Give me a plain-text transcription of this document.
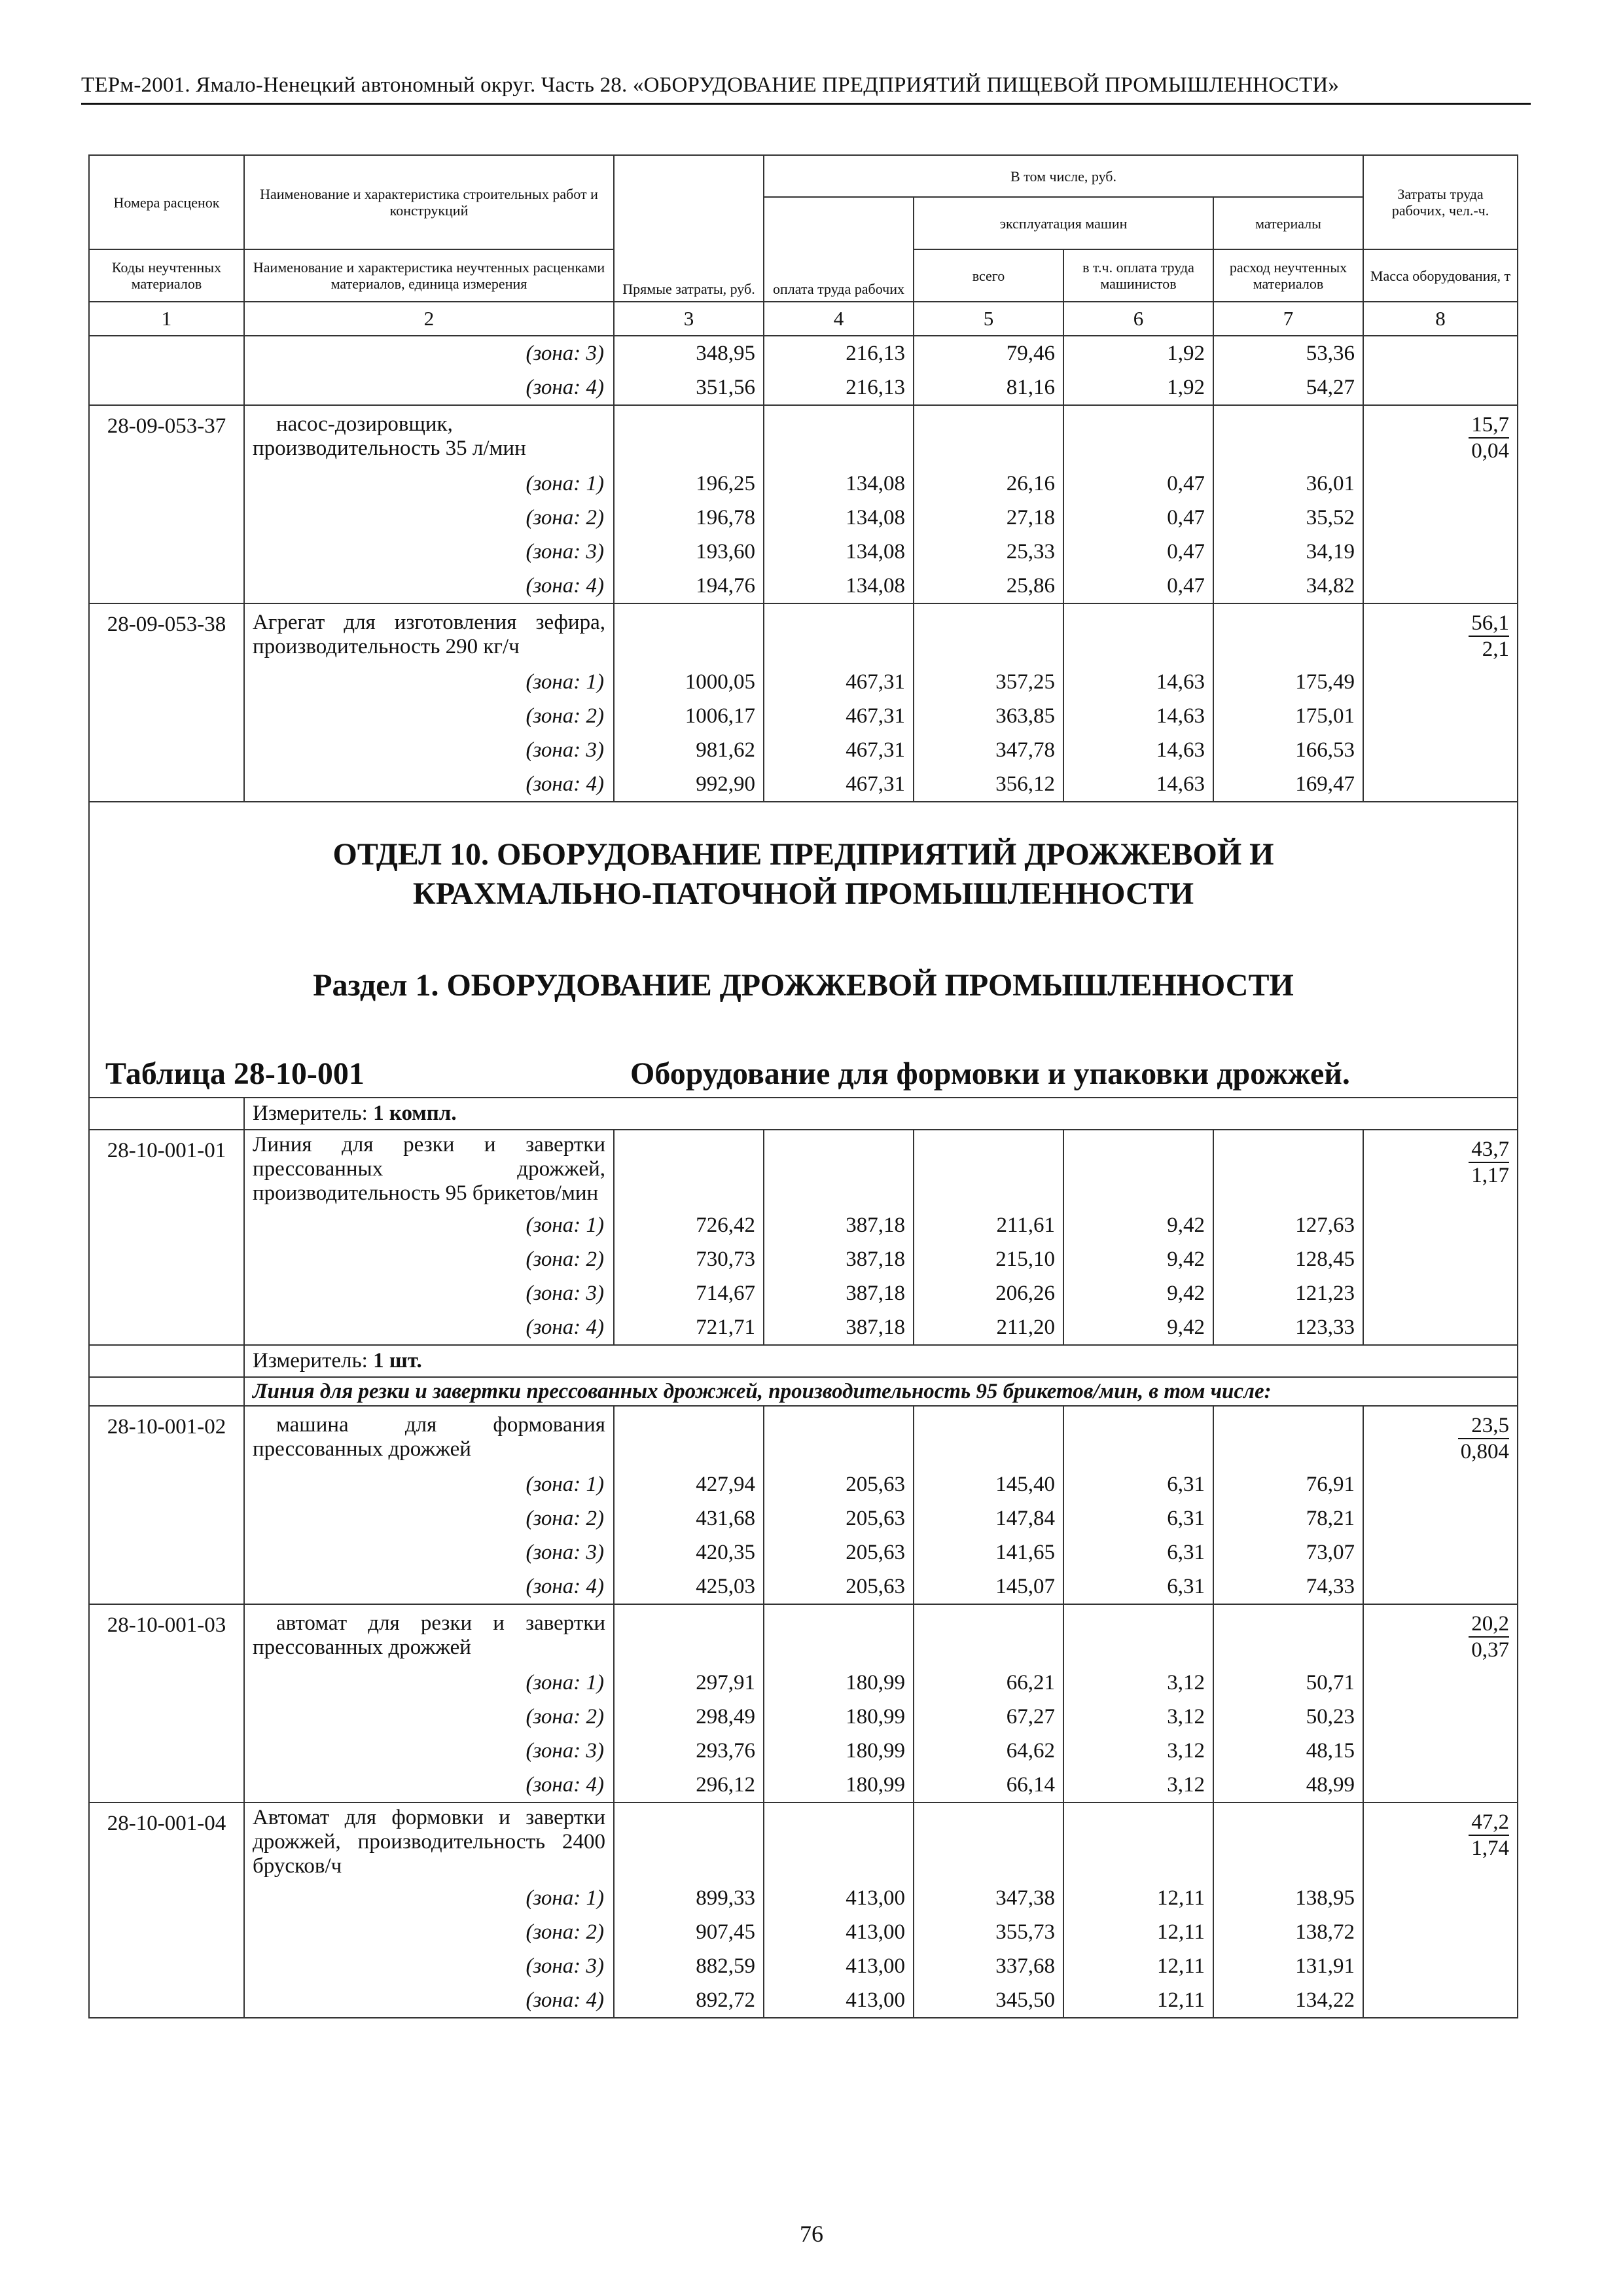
ТЕРм-2001. Ямало-Ненецкий автономный округ. Часть 28. «ОБОРУДОВАНИЕ ПРЕДПРИЯТИЙ ПИЩЕВОЙ ПРОМЫШЛЕННОСТИ»
Номера расценок	Наименование и характеристика строительных работ и конструкций	Прямые затраты, руб.	В том числе, руб.				Затраты труда рабочих, чел.-ч.
			оплата труда рабочих	эксплуатация машин		материалы	
Коды неучтенных материалов	Наименование и характеристика неучтенных расценками материалов, единица измерения			всего	в т.ч. оплата труда машинистов	расход неучтенных материалов	Масса оборудования, т
1	2	3	4	5	6	7	8
	(зона: 3)	348,95	216,13	79,46	1,92	53,36	
	(зона: 4)	351,56	216,13	81,16	1,92	54,27	
28-09-053-37	насос-дозировщик, производительность 35 л/мин						$\frac{15,7}{0,04}$

	(зона: 1)	196,25	134,08	26,16	0,47	36,01	
	(зона: 2)	196,78	134,08	27,18	0,47	35,52	
	(зона: 3)	193,60	134,08	25,33	0,47	34,19	
	(зона: 4)	194,76	134,08	25,86	0,47	34,82	
28-09-053-38	Агрегат для изготовления зефира, производительность 290 кг/ч						$\frac{56,1}{2,1}$

	(зона: 1)	1000,05	467,31	357,25	14,63	175,49	
	(зона: 2)	1006,17	467,31	363,85	14,63	175,01	
	(зона: 3)	981,62	467,31	347,78	14,63	166,53	
	(зона: 4)	992,90	467,31	356,12	14,63	169,47	

ОТДЕЛ 10. ОБОРУДОВАНИЕ ПРЕДПРИЯТИЙ ДРОЖЖЕВОЙ И КРАХМАЛЬНО-ПАТОЧНОЙ ПРОМЫШЛЕННОСТИ
Раздел 1. ОБОРУДОВАНИЕ ДРОЖЖЕВОЙ ПРОМЫШЛЕННОСТИ
Таблица 28-10-001 Оборудование для формовки и упаковки дрожжей.							

	Измеритель: 1 компл.						
28-10-001-01	Линия для резки и завертки прессованных дрожжей, производительность 95 брикетов/мин						$\frac{43,7}{1,17}$

	(зона: 1)	726,42	387,18	211,61	9,42	127,63	
	(зона: 2)	730,73	387,18	215,10	9,42	128,45	
	(зона: 3)	714,67	387,18	206,26	9,42	121,23	
	(зона: 4)	721,71	387,18	211,20	9,42	123,33	
	Измеритель: 1 шт.						
	Линия для резки и завертки прессованных дрожжей, производительность 95 брикетов/мин, в том числе:						
28-10-001-02	машина для формования прессованных дрожжей						$\frac{23,5}{0,804}$

	(зона: 1)	427,94	205,63	145,40	6,31	76,91	
	(зона: 2)	431,68	205,63	147,84	6,31	78,21	
	(зона: 3)	420,35	205,63	141,65	6,31	73,07	
	(зона: 4)	425,03	205,63	145,07	6,31	74,33	
28-10-001-03	автомат для резки и завертки прессованных дрожжей						$\frac{20,2}{0,37}$

	(зона: 1)	297,91	180,99	66,21	3,12	50,71	
	(зона: 2)	298,49	180,99	67,27	3,12	50,23	
	(зона: 3)	293,76	180,99	64,62	3,12	48,15	
	(зона: 4)	296,12	180,99	66,14	3,12	48,99	
28-10-001-04	Автомат для формовки и завертки дрожжей, производительность 2400 брусков/ч						$\frac{47,2}{1,74}$

	(зона: 1)	899,33	413,00	347,38	12,11	138,95	
	(зона: 2)	907,45	413,00	355,73	12,11	138,72	
	(зона: 3)	882,59	413,00	337,68	12,11	131,91	
	(зона: 4)	892,72	413,00	345,50	12,11	134,22	
76
